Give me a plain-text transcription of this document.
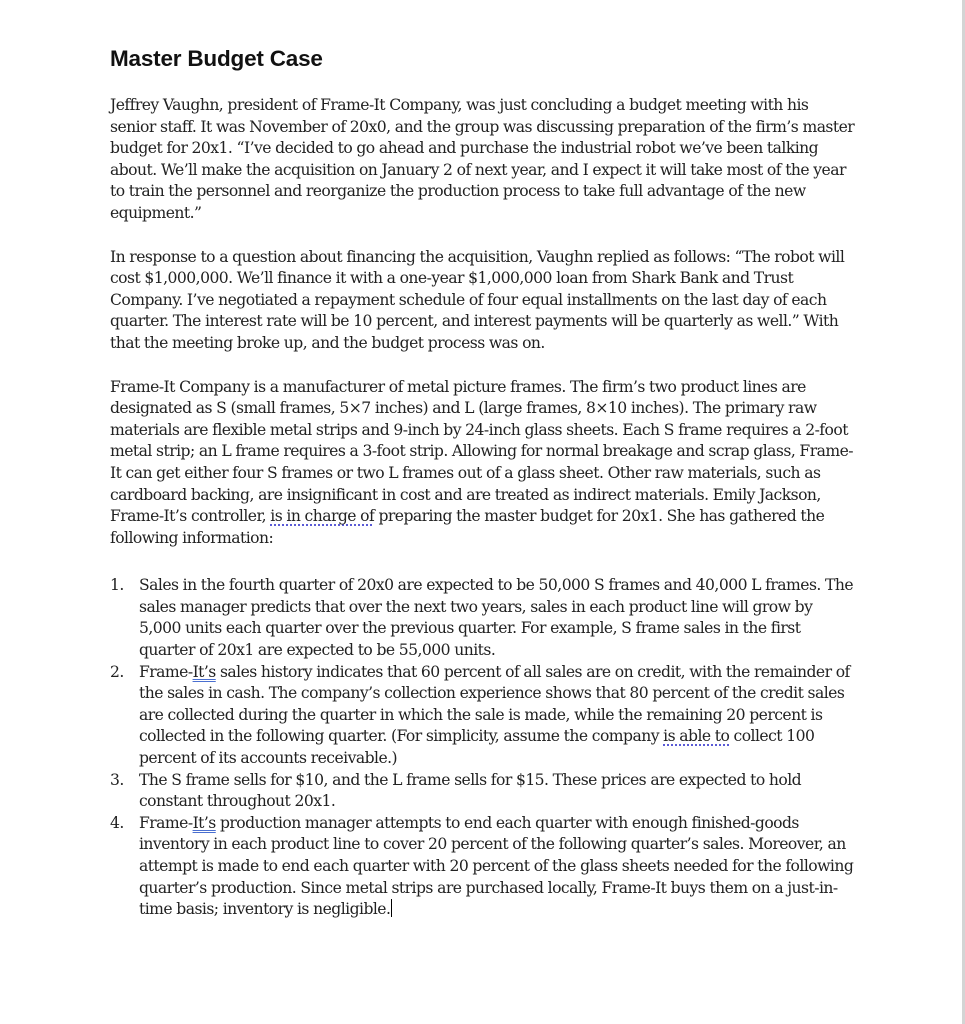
Master Budget Case

Jeffrey Vaughn, president of Frame-It Company, was just concluding a budget meeting with his senior staff. It was November of 20x0, and the group was discussing preparation of the firm’s master budget for 20x1. “I’ve decided to go ahead and purchase the industrial robot we’ve been talking about. We’ll make the acquisition on January 2 of next year, and I expect it will take most of the year to train the personnel and reorganize the production process to take full advantage of the new equipment.”

In response to a question about financing the acquisition, Vaughn replied as follows: “The robot will cost $1,000,000. We’ll finance it with a one-year $1,000,000 loan from Shark Bank and Trust Company. I’ve negotiated a repayment schedule of four equal installments on the last day of each quarter. The interest rate will be 10 percent, and interest payments will be quarterly as well.” With that the meeting broke up, and the budget process was on.

Frame-It Company is a manufacturer of metal picture frames. The firm’s two product lines are designated as S (small frames, 5×7 inches) and L (large frames, 8×10 inches). The primary raw materials are flexible metal strips and 9-inch by 24-inch glass sheets. Each S frame requires a 2-foot metal strip; an L frame requires a 3-foot strip. Allowing for normal breakage and scrap glass, Frame-It can get either four S frames or two L frames out of a glass sheet. Other raw materials, such as cardboard backing, are insignificant in cost and are treated as indirect materials. Emily Jackson, Frame-It’s controller, is in charge of preparing the master budget for 20x1. She has gathered the following information:

1. Sales in the fourth quarter of 20x0 are expected to be 50,000 S frames and 40,000 L frames. The sales manager predicts that over the next two years, sales in each product line will grow by 5,000 units each quarter over the previous quarter. For example, S frame sales in the first quarter of 20x1 are expected to be 55,000 units.
2. Frame-It’s sales history indicates that 60 percent of all sales are on credit, with the remainder of the sales in cash. The company’s collection experience shows that 80 percent of the credit sales are collected during the quarter in which the sale is made, while the remaining 20 percent is collected in the following quarter. (For simplicity, assume the company is able to collect 100 percent of its accounts receivable.)
3. The S frame sells for $10, and the L frame sells for $15. These prices are expected to hold constant throughout 20x1.
4. Frame-It’s production manager attempts to end each quarter with enough finished-goods inventory in each product line to cover 20 percent of the following quarter’s sales. Moreover, an attempt is made to end each quarter with 20 percent of the glass sheets needed for the following quarter’s production. Since metal strips are purchased locally, Frame-It buys them on a just-in-time basis; inventory is negligible.
